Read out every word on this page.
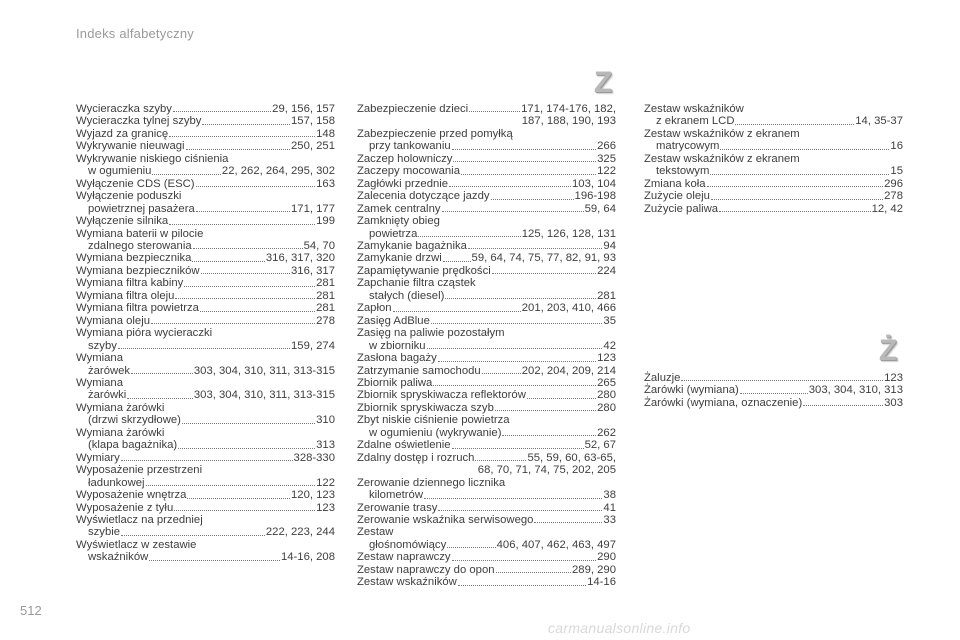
Indeks alfabetyczny
Z
Ż
Wycieraczka szyby	29, 156, 157
Wycieraczka tylnej szyby	157, 158
Wyjazd za granicę	148
Wykrywanie nieuwagi	250, 251
Wykrywanie niskiego ciśnienia
w ogumieniu	22, 262, 264, 295, 302
Wyłączenie CDS (ESC)	163
Wyłączenie poduszki
powietrznej pasażera	171, 177
Wyłączenie silnika	199
Wymiana baterii w pilocie
zdalnego sterowania	54, 70
Wymiana bezpiecznika	316, 317, 320
Wymiana bezpieczników	316, 317
Wymiana filtra kabiny	281
Wymiana filtra oleju	281
Wymiana filtra powietrza	281
Wymiana oleju	278
Wymiana pióra wycieraczki
szyby	159, 274
Wymiana
żarówek	303, 304, 310, 311, 313-315
Wymiana
żarówki	303, 304, 310, 311, 313-315
Wymiana żarówki
(drzwi skrzydłowe)	310
Wymiana żarówki
(klapa bagażnika)	313
Wymiary	328-330
Wyposażenie przestrzeni
ładunkowej	122
Wyposażenie wnętrza	120, 123
Wyposażenie z tyłu	123
Wyświetlacz na przedniej
szybie	222, 223, 244
Wyświetlacz w zestawie
wskaźników	14-16, 208
Zabezpieczenie dzieci	171, 174-176, 182,
187, 188, 190, 193
Zabezpieczenie przed pomyłką
przy tankowaniu	266
Zaczep holowniczy	325
Zaczepy mocowania	122
Zagłówki przednie	103, 104
Zalecenia dotyczące jazdy	196-198
Zamek centralny	59, 64
Zamknięty obieg
powietrza	125, 126, 128, 131
Zamykanie bagażnika	94
Zamykanie drzwi	59, 64, 74, 75, 77, 82, 91, 93
Zapamiętywanie prędkości	224
Zapchanie filtra cząstek
stałych (diesel)	281
Zapłon	201, 203, 410, 466
Zasięg AdBlue	35
Zasięg na paliwie pozostałym
w zbiorniku	42
Zasłona bagaży	123
Zatrzymanie samochodu	202, 204, 209, 214
Zbiornik paliwa	265
Zbiornik spryskiwacza reflektorów	280
Zbiornik spryskiwacza szyb	280
Zbyt niskie ciśnienie powietrza
w ogumieniu (wykrywanie)	262
Zdalne oświetlenie	52, 67
Zdalny dostęp i rozruch	55, 59, 60, 63-65,
68, 70, 71, 74, 75, 202, 205
Zerowanie dziennego licznika
kilometrów	38
Zerowanie trasy	41
Zerowanie wskaźnika serwisowego	33
Zestaw
głośnomówiący	406, 407, 462, 463, 497
Zestaw naprawczy	290
Zestaw naprawczy do opon	289, 290
Zestaw wskaźników	14-16
Zestaw wskaźników
z ekranem LCD	14, 35-37
Zestaw wskaźników z ekranem
matrycowym	16
Zestaw wskaźników z ekranem
tekstowym	15
Zmiana koła	296
Zużycie oleju	278
Zużycie paliwa	12, 42
Żaluzje	123
Żarówki (wymiana)	303, 304, 310, 313
Żarówki (wymiana, oznaczenie)	303
512
carmanualsonline.info
